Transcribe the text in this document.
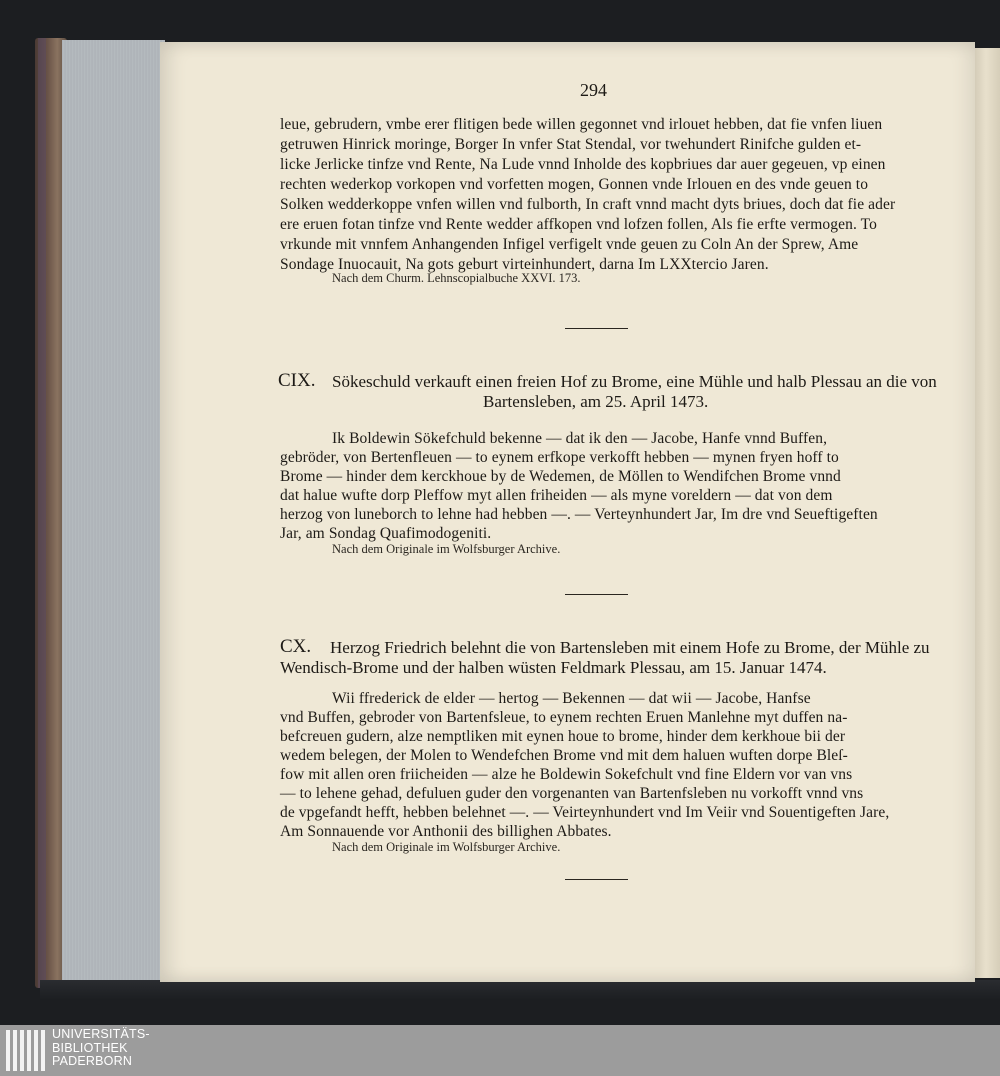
294
leue, gebrudern, vmbe erer flitigen bede willen gegonnet vnd irlouet hebben, dat fie vnfen liuen
getruwen Hinrick moringe, Borger In vnfer Stat Stendal, vor twehundert Rinifche gulden et-
licke Jerlicke tinfze vnd Rente, Na Lude vnnd Inholde des kopbriues dar auer gegeuen, vp einen
rechten wederkop vorkopen vnd vorfetten mogen, Gonnen vnde Irlouen en des vnde geuen to
Solken wedderkoppe vnfen willen vnd fulborth, In craft vnnd macht dyts briues, doch dat fie ader
ere eruen fotan tinfze vnd Rente wedder affkopen vnd lofzen follen, Als fie erfte vermogen. To
vrkunde mit vnnfem Anhangenden Infigel verfigelt vnde geuen zu Coln An der Sprew, Ame
Sondage Inuocauit, Na gots geburt virteinhundert, darna Im LXXtercio Jaren.
Nach dem Churm. Lehnscopialbuche XXVI. 173.
CIX. Sökeschuld verkauft einen freien Hof zu Brome, eine Mühle und halb Plessau an die von
Bartensleben, am 25. April 1473.
Ik Boldewin Sökefchuld bekenne — dat ik den — Jacobe, Hanfe vnnd Buffen,
gebröder, von Bertenfleuen — to eynem erfkope verkofft hebben — mynen fryen hoff to
Brome — hinder dem kerckhoue by de Wedemen, de Möllen to Wendifchen Brome vnnd
dat halue wufte dorp Pleffow myt allen friheiden — als myne voreldern — dat von dem
herzog von luneborch to lehne had hebben —. — Verteynhundert Jar, Im dre vnd Seueftigeften
Jar, am Sondag Quafimodogeniti.
Nach dem Originale im Wolfsburger Archive.
CX. Herzog Friedrich belehnt die von Bartensleben mit einem Hofe zu Brome, der Mühle zu
Wendisch-Brome und der halben wüsten Feldmark Plessau, am 15. Januar 1474.
Wii ffrederick de elder — hertog — Bekennen — dat wii — Jacobe, Hanfse
vnd Buffen, gebroder von Bartenfsleue, to eynem rechten Eruen Manlehne myt duffen na-
befcreuen gudern, alze nemptliken mit eynen houe to brome, hinder dem kerkhoue bii der
wedem belegen, der Molen to Wendefchen Brome vnd mit dem haluen wuften dorpe Bleſ-
fow mit allen oren friicheiden — alze he Boldewin Sokefchult vnd fine Eldern vor van vns
— to lehene gehad, defuluen guder den vorgenanten van Bartenfsleben nu vorkofft vnnd vns
de vpgefandt hefft, hebben belehnet —. — Veirteynhundert vnd Im Veiir vnd Souentigeften Jare,
Am Sonnauende vor Anthonii des billighen Abbates.
Nach dem Originale im Wolfsburger Archive.
UNIVERSITÄTS-
BIBLIOTHEK
PADERBORN
